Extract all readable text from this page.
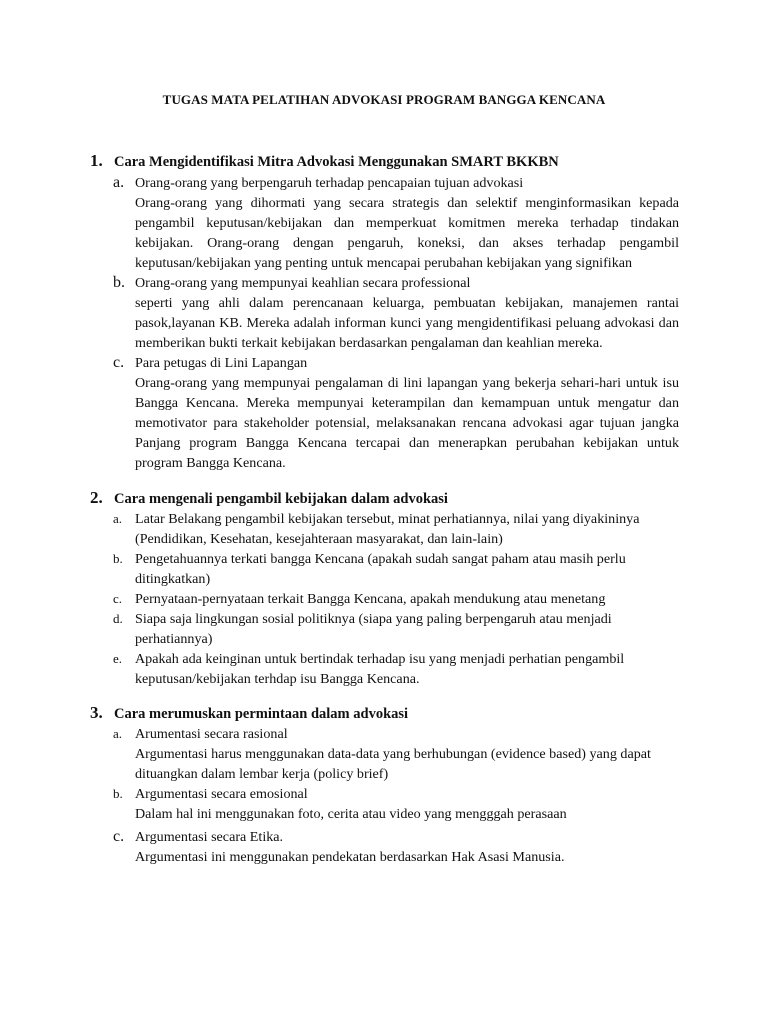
TUGAS MATA PELATIHAN ADVOKASI PROGRAM BANGGA KENCANA
1. Cara Mengidentifikasi Mitra Advokasi Menggunakan SMART BKKBN
a. Orang-orang yang berpengaruh terhadap pencapaian tujuan advokasi
Orang-orang yang dihormati yang secara strategis dan selektif menginformasikan kepada pengambil keputusan/kebijakan dan memperkuat komitmen mereka terhadap tindakan kebijakan. Orang-orang dengan pengaruh, koneksi, dan akses terhadap pengambil keputusan/kebijakan yang penting untuk mencapai perubahan kebijakan yang signifikan
b. Orang-orang yang mempunyai keahlian secara professional
seperti yang ahli dalam perencanaan keluarga, pembuatan kebijakan, manajemen rantai pasok,layanan KB. Mereka adalah informan kunci yang mengidentifikasi peluang advokasi dan memberikan bukti terkait kebijakan berdasarkan pengalaman dan keahlian mereka.
c. Para petugas di Lini Lapangan
Orang-orang yang mempunyai pengalaman di lini lapangan yang bekerja sehari-hari untuk isu Bangga Kencana. Mereka mempunyai keterampilan dan kemampuan untuk mengatur dan memotivator para stakeholder potensial, melaksanakan rencana advokasi agar tujuan jangka Panjang program Bangga Kencana tercapai dan menerapkan perubahan kebijakan untuk program Bangga Kencana.
2. Cara mengenali pengambil kebijakan dalam advokasi
a. Latar Belakang pengambil kebijakan tersebut, minat perhatiannya, nilai yang diyakininya (Pendidikan, Kesehatan, kesejahteraan masyarakat, dan lain-lain)
b. Pengetahuannya terkati bangga Kencana (apakah sudah sangat paham atau masih perlu ditingkatkan)
c. Pernyataan-pernyataan terkait Bangga Kencana, apakah mendukung atau menetang
d. Siapa saja lingkungan sosial politiknya (siapa yang paling berpengaruh atau menjadi perhatiannya)
e. Apakah ada keinginan untuk bertindak terhadap isu yang menjadi perhatian pengambil keputusan/kebijakan terhdap isu Bangga Kencana.
3. Cara merumuskan permintaan dalam advokasi
a. Arumentasi secara rasional
Argumentasi harus menggunakan data-data yang berhubungan (evidence based) yang dapat dituangkan dalam lembar kerja (policy brief)
b. Argumentasi secara emosional
Dalam hal ini menggunakan foto, cerita atau video yang mengggah perasaan
c. Argumentasi secara Etika.
Argumentasi ini menggunakan pendekatan berdasarkan Hak Asasi Manusia.
